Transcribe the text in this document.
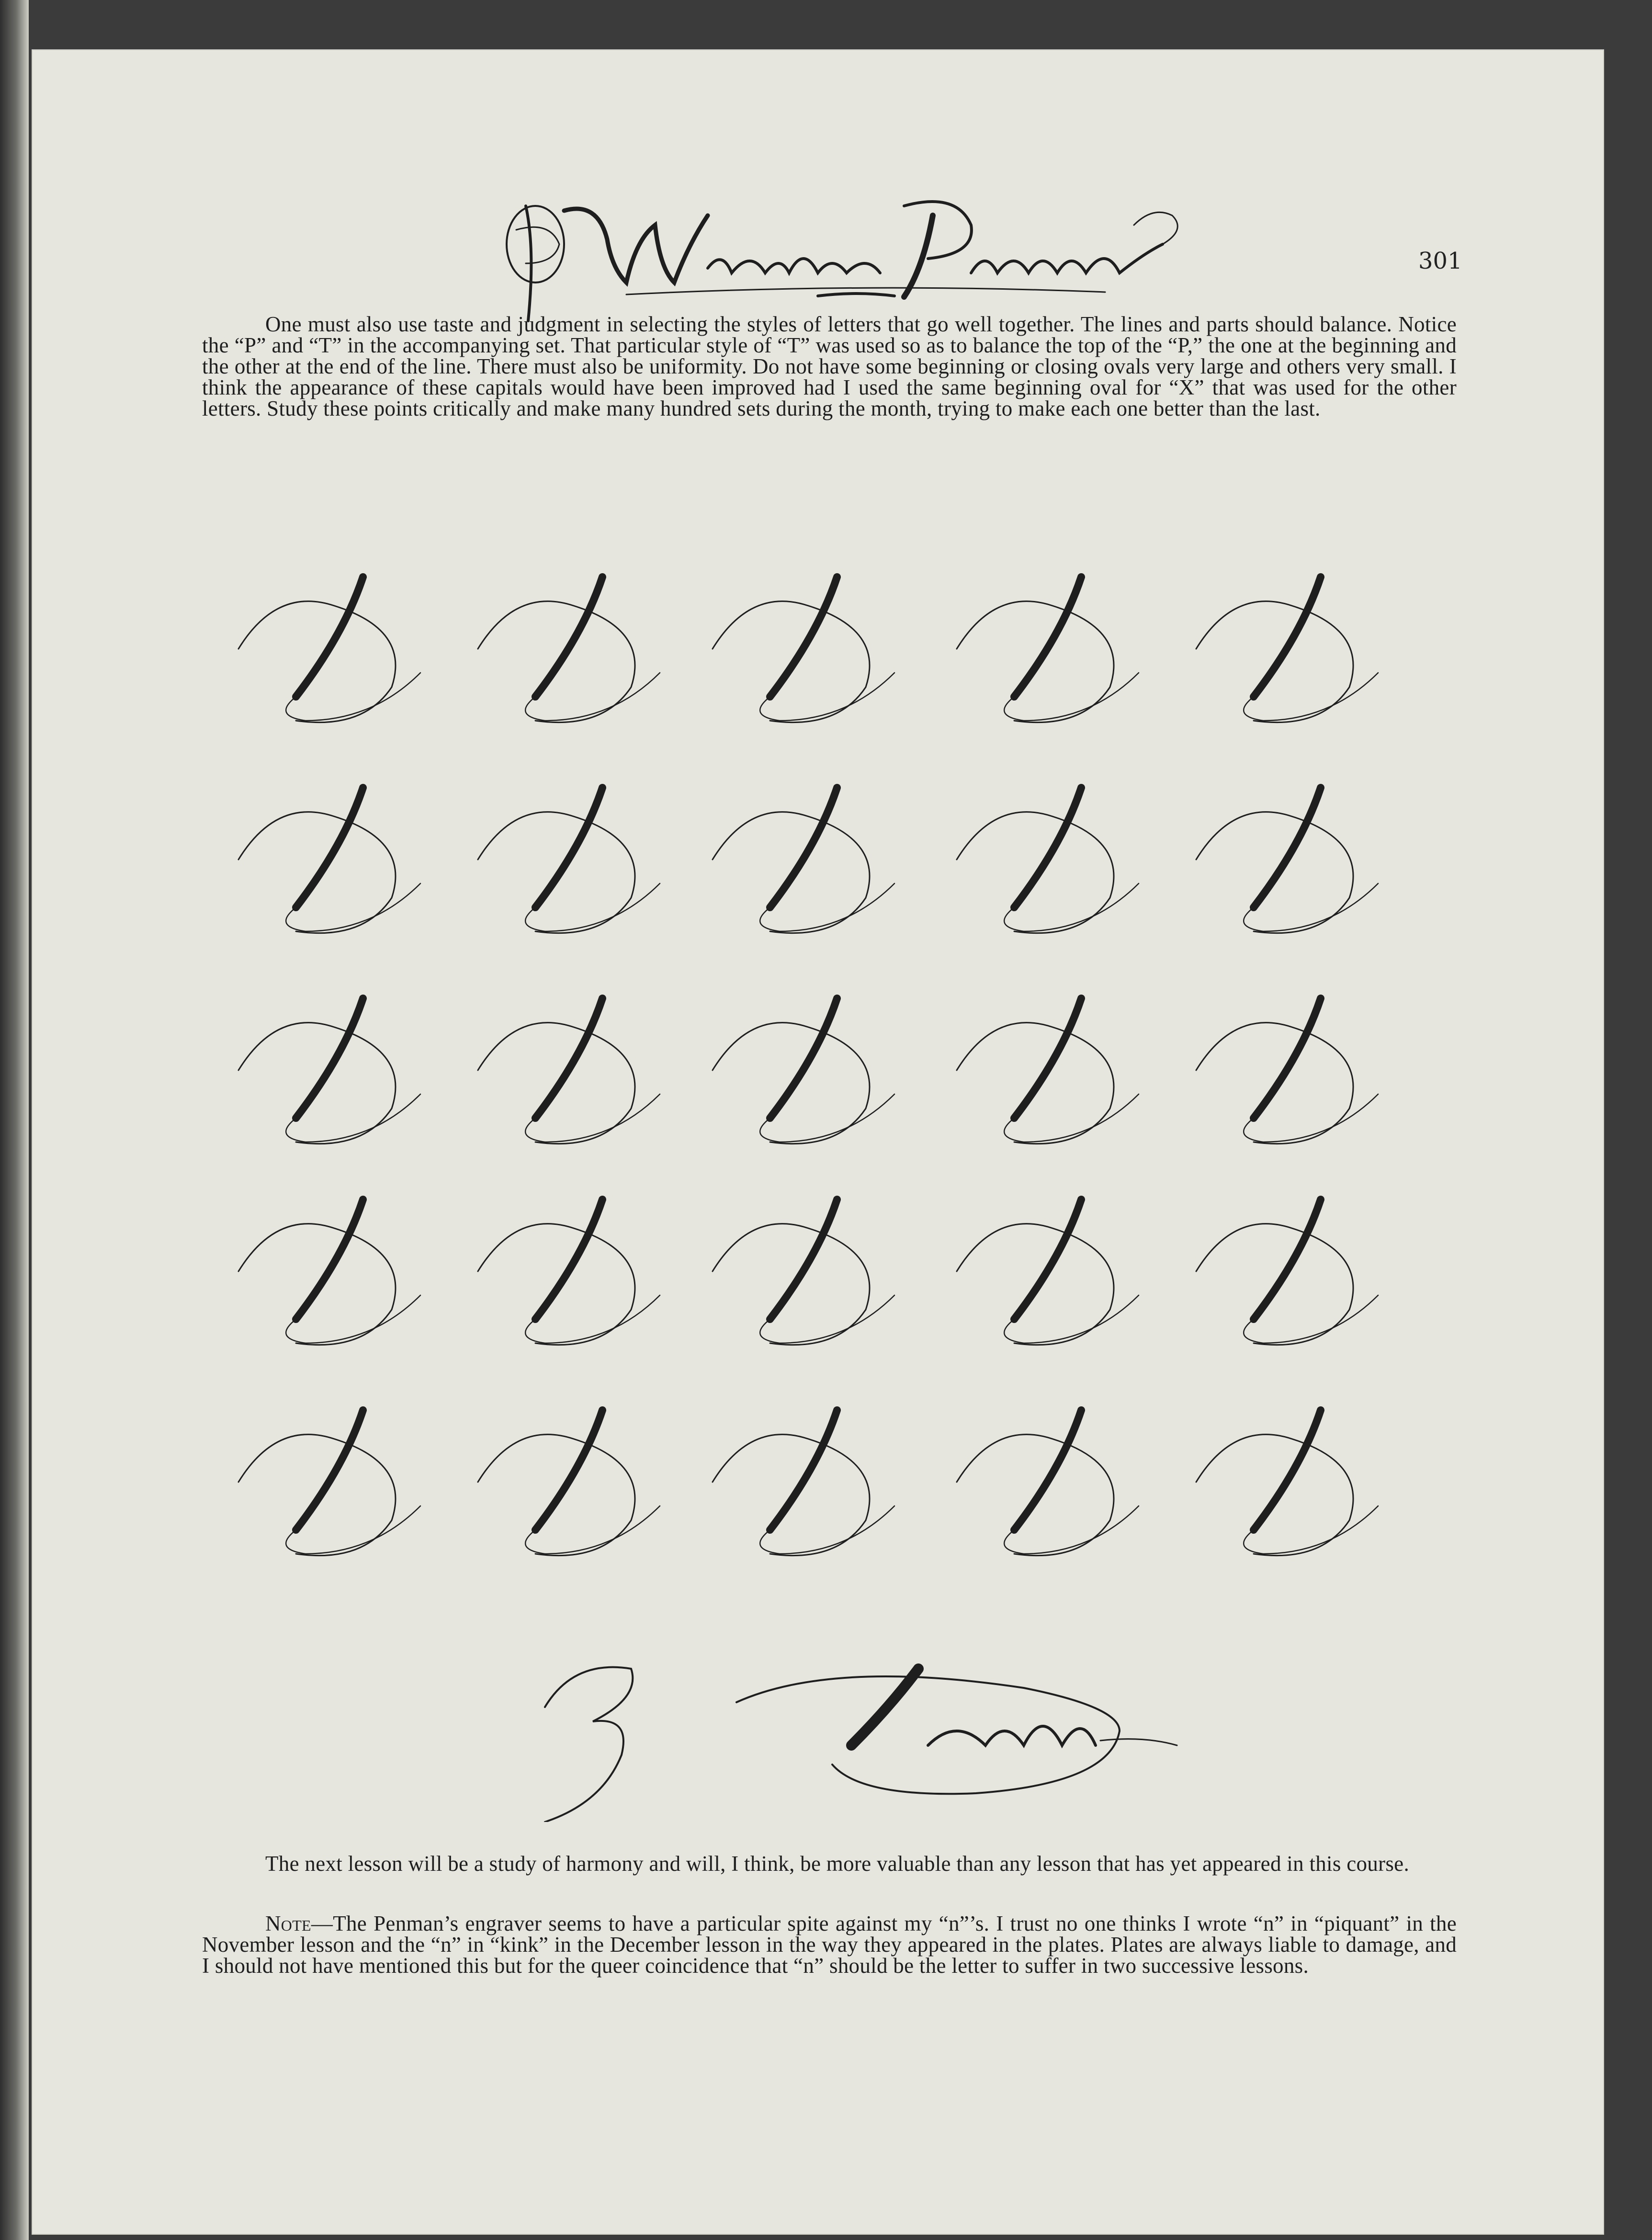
301

One must also use taste and judgment in selecting the styles of letters that go well together. The lines and parts should balance. Notice the “P” and “T” in the accompanying set. That particular style of “T” was used so as to balance the top of the “P,” the one at the beginning and the other at the end of the line. There must also be uniformity. Do not have some beginning or closing ovals very large and others very small. I think the appearance of these capitals would have been improved had I used the same beginning oval for “X” that was used for the other letters. Study these points critically and make many hundred sets during the month, trying to make each one better than the last.

The next lesson will be a study of harmony and will, I think, be more valuable than any lesson that has yet appeared in this course.

Note—The Penman’s engraver seems to have a particular spite against my “n”’s. I trust no one thinks I wrote “n” in “piquant” in the November lesson and the “n” in “kink” in the December lesson in the way they appeared in the plates. Plates are always liable to damage, and I should not have mentioned this but for the queer coincidence that “n” should be the letter to suffer in two successive lessons.
